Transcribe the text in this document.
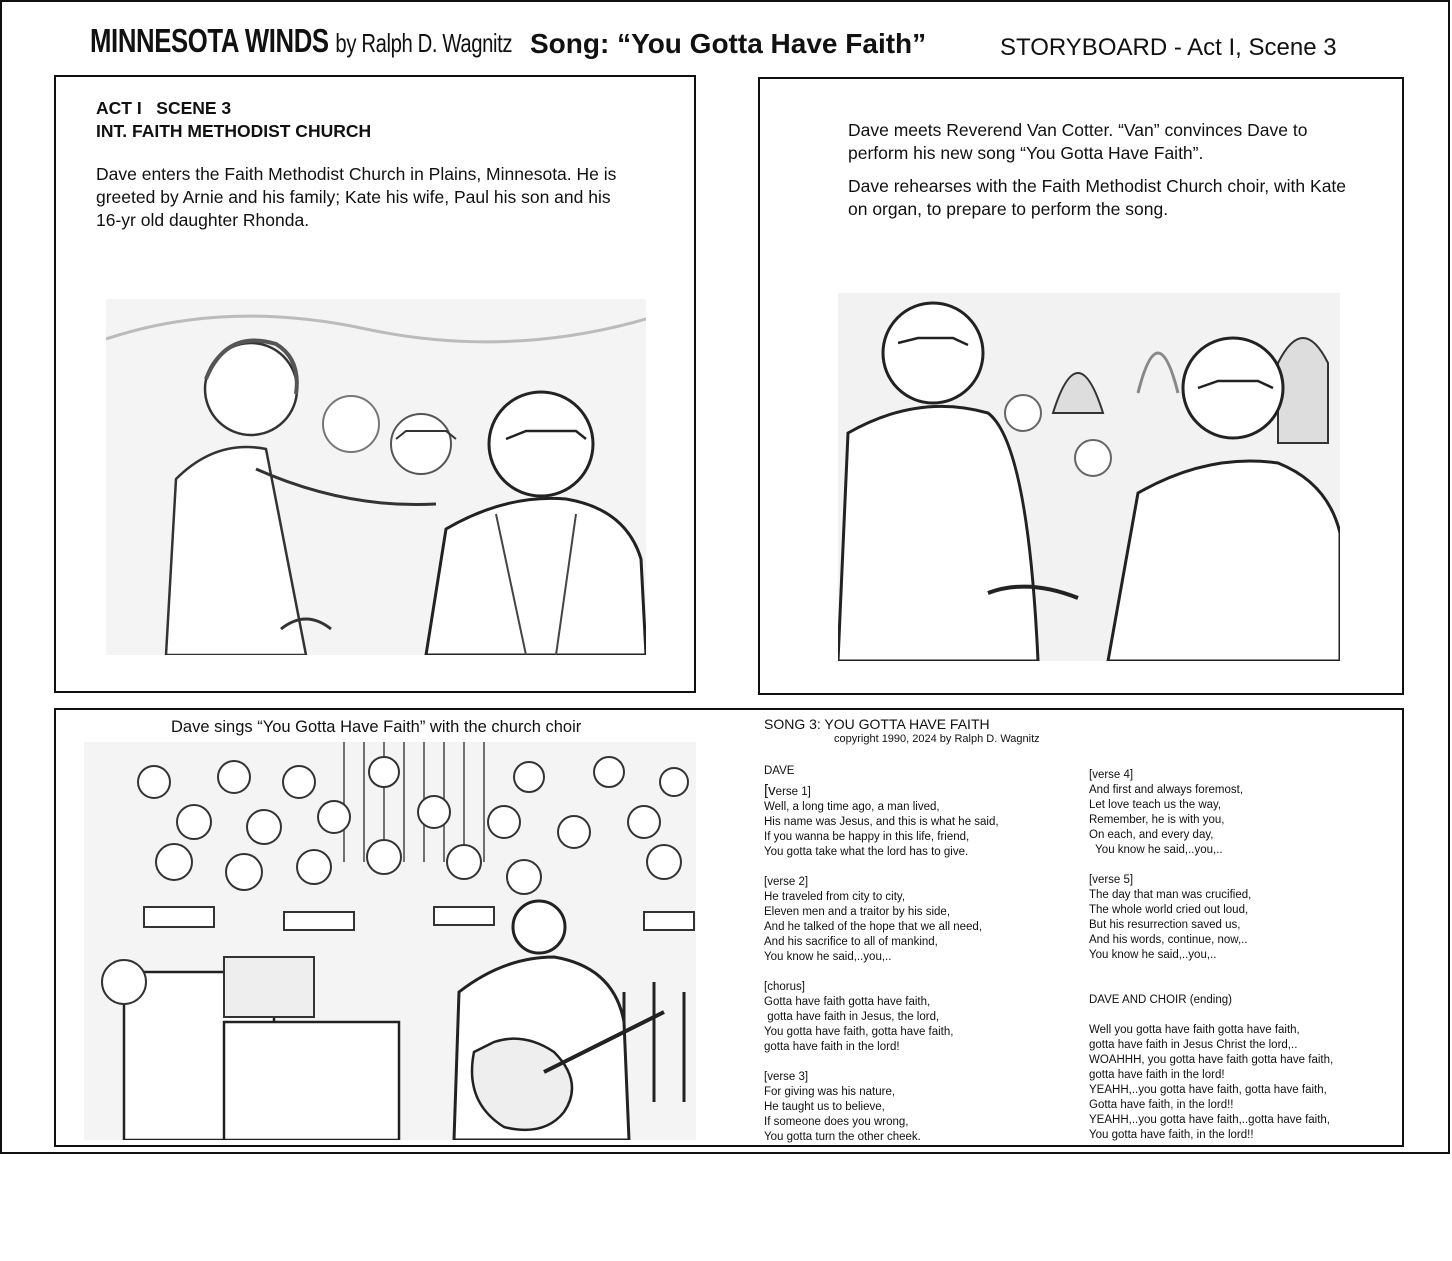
MINNESOTA WINDS by Ralph D. Wagnitz Song: “You Gotta Have Faith”	STORYBOARD - Act I, Scene 3
ACT I   SCENE 3
INT. FAITH METHODIST CHURCH
Dave enters the Faith Methodist Church in Plains, Minnesota. He is greeted by Arnie and his family; Kate his wife, Paul his son and his 16-yr old daughter Rhonda.

Dave meets Reverend Van Cotter. “Van” convinces Dave to perform his new song “You Gotta Have Faith”.

Dave rehearses with the Faith Methodist Church choir, with Kate on organ, to prepare to perform the song.

Dave sings “You Gotta Have Faith” with the church choir	SONG 3: YOU GOTTA HAVE FAITH
copyright 1990, 2024 by Ralph D. Wagnitz
DAVE
[verse 1]
Well, a long time ago, a man lived,
His name was Jesus, and this is what he said,
If you wanna be happy in this life, friend,
You gotta take what the lord has to give.
[verse 2]
He traveled from city to city,
Eleven men and a traitor by his side,
And he talked of the hope that we all need,
And his sacrifice to all of mankind,
You know he said,..you,..
[chorus]
Gotta have faith gotta have faith,
gotta have faith in Jesus, the lord,
You gotta have faith, gotta have faith,
gotta have faith in the lord!
[verse 3]
For giving was his nature,
He taught us to believe,
If someone does you wrong,
You gotta turn the other cheek.
[verse 4]
And first and always foremost,
Let love teach us the way,
Remember, he is with you,
On each, and every day,
You know he said,..you,..
[verse 5]
The day that man was crucified,
The whole world cried out loud,
But his resurrection saved us,
And his words, continue, now,..
You know he said,..you,..
DAVE AND CHOIR (ending)
Well you gotta have faith gotta have faith,
gotta have faith in Jesus Christ the lord,..
WOAHHH, you gotta have faith gotta have faith,
gotta have faith in the lord!
YEAHH,..you gotta have faith, gotta have faith,
Gotta have faith, in the lord!!
YEAHH,..you gotta have faith,..gotta have faith,
You gotta have faith, in the lord!!
